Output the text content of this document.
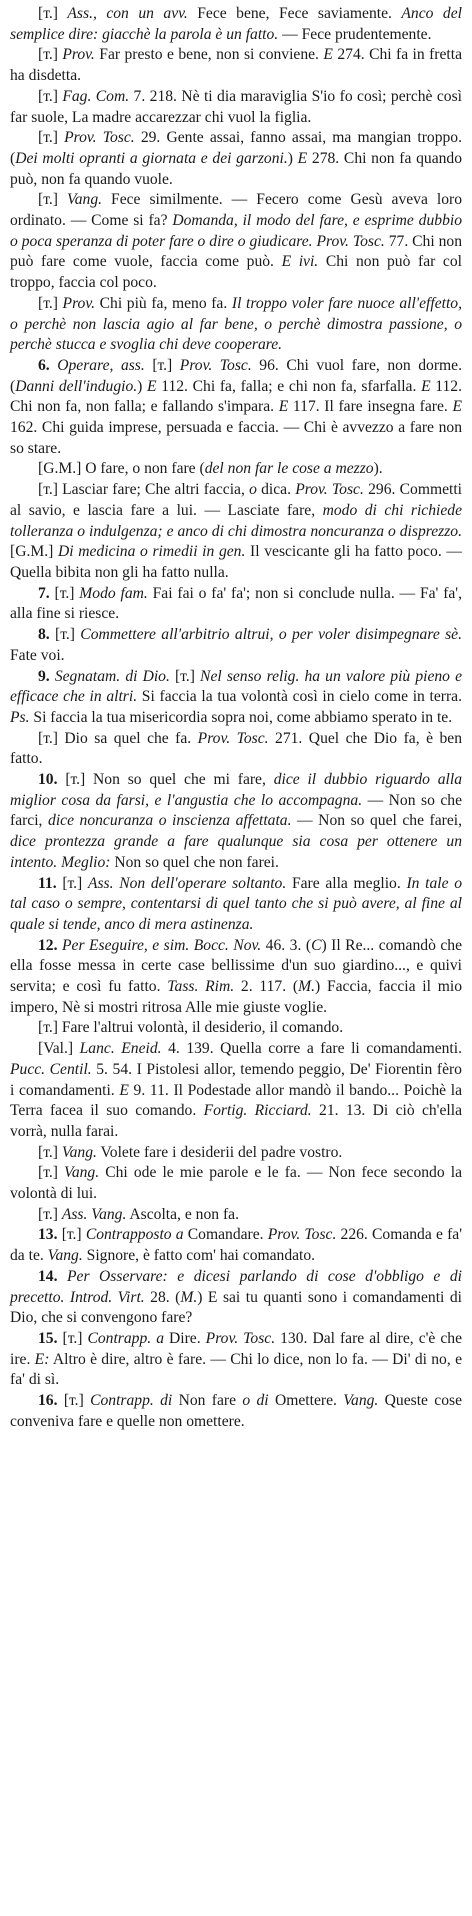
[т.] Ass., con un avv. Fece bene, Fece saviamente. Anco del semplice dire: giacchè la parola è un fatto. — Fece prudentemente.

[т.] Prov. Far presto e bene, non si conviene. E 274. Chi fa in fretta ha disdetta.

[т.] Fag. Com. 7. 218. Nè ti dia maraviglia S'io fo così; perchè così far suole, La madre accarezzar chi vuol la figlia.

[т.] Prov. Tosc. 29. Gente assai, fanno assai, ma mangian troppo. (Dei molti opranti a giornata e dei garzoni.) E 278. Chi non fa quando può, non fa quando vuole.

[т.] Vang. Fece similmente. — Fecero come Gesù aveva loro ordinato. — Come si fa? Domanda, il modo del fare, e esprime dubbio o poca speranza di poter fare o dire o giudicare. Prov. Tosc. 77. Chi non può fare come vuole, faccia come può. E ivi. Chi non può far col troppo, faccia col poco.

[т.] Prov. Chi più fa, meno fa. Il troppo voler fare nuoce all'effetto, o perchè non lascia agio al far bene, o perchè dimostra passione, o perchè stucca e svoglia chi deve cooperare.

6. Operare, ass. [т.] Prov. Tosc. 96. Chi vuol fare, non dorme. (Danni dell'indugio.) E 112. Chi fa, falla; e chi non fa, sfarfalla. E 112. Chi non fa, non falla; e fallando s'impara. E 117. Il fare insegna fare. E 162. Chi guida imprese, persuada e faccia. — Chi è avvezzo a fare non so stare.

[G.M.] O fare, o non fare (del non far le cose a mezzo).

[т.] Lasciar fare; Che altri faccia, o dica. Prov. Tosc. 296. Commetti al savio, e lascia fare a lui. — Lasciate fare, modo di chi richiede tolleranza o indulgenza; e anco di chi dimostra noncuranza o disprezzo. [G.M.] Di medicina o rimedii in gen. Il vescicante gli ha fatto poco. — Quella bibita non gli ha fatto nulla.

7. [т.] Modo fam. Fai fai o fa' fa'; non si conclude nulla. — Fa' fa', alla fine si riesce.

8. [т.] Commettere all'arbitrio altrui, o per voler disimpegnare sè. Fate voi.

9. Segnatam. di Dio. [т.] Nel senso relig. ha un valore più pieno e efficace che in altri. Si faccia la tua volontà così in cielo come in terra. Ps. Si faccia la tua misericordia sopra noi, come abbiamo sperato in te.

[т.] Dio sa quel che fa. Prov. Tosc. 271. Quel che Dio fa, è ben fatto.

10. [т.] Non so quel che mi fare, dice il dubbio riguardo alla miglior cosa da farsi, e l'angustia che lo accompagna. — Non so che farci, dice noncuranza o inscienza affettata. — Non so quel che farei, dice prontezza grande a fare qualunque sia cosa per ottenere un intento. Meglio: Non so quel che non farei.

11. [т.] Ass. Non dell'operare soltanto. Fare alla meglio. In tale o tal caso o sempre, contentarsi di quel tanto che si può avere, al fine al quale si tende, anco di mera astinenza.

12. Per Eseguire, e sim. Bocc. Nov. 46. 3. (C) Il Re... comandò che ella fosse messa in certe case bellissime d'un suo giardino..., e quivi servita; e così fu fatto. Tass. Rim. 2. 117. (M.) Faccia, faccia il mio impero, Nè si mostri ritrosa Alle mie giuste voglie.

[т.] Fare l'altrui volontà, il desiderio, il comando.

[Val.] Lanc. Eneid. 4. 139. Quella corre a fare li comandamenti. Pucc. Centil. 5. 54. I Pistolesi allor, temendo peggio, De' Fiorentin fèro i comandamenti. E 9. 11. Il Podestade allor mandò il bando... Poichè la Terra facea il suo comando. Fortig. Ricciard. 21. 13. Di ciò ch'ella vorrà, nulla farai.

[т.] Vang. Volete fare i desiderii del padre vostro.

[т.] Vang. Chi ode le mie parole e le fa. — Non fece secondo la volontà di lui.

[т.] Ass. Vang. Ascolta, e non fa.

13. [т.] Contrapposto a Comandare. Prov. Tosc. 226. Comanda e fa' da te. Vang. Signore, è fatto com' hai comandato.

14. Per Osservare: e dicesi parlando di cose d'obbligo e di precetto. Introd. Virt. 28. (M.) E sai tu quanti sono i comandamenti di Dio, che si convengono fare?

15. [т.] Contrapp. a Dire. Prov. Tosc. 130. Dal fare al dire, c'è che ire. E: Altro è dire, altro è fare. — Chi lo dice, non lo fa. — Di' di no, e fa' di sì.

16. [т.] Contrapp. di Non fare o di Omettere. Vang. Queste cose conveniva fare e quelle non omettere.
